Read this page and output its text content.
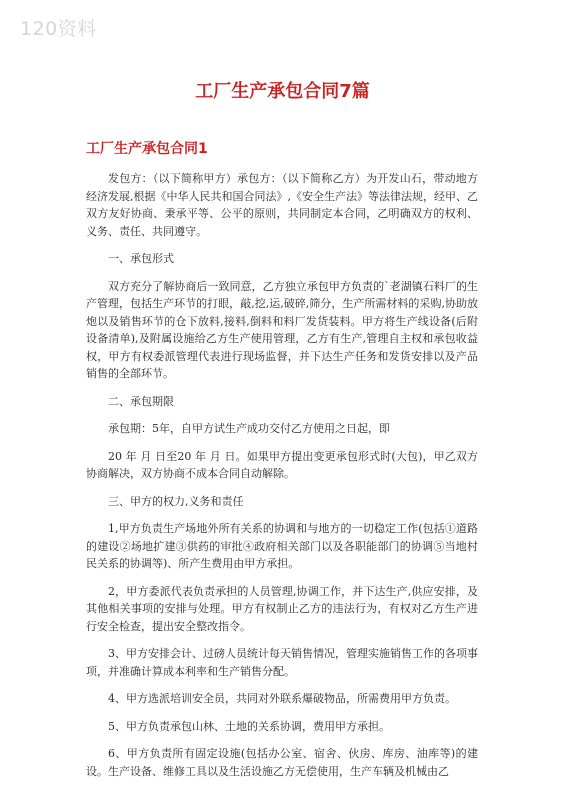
120资料
工厂生产承包合同7篇
工厂生产承包合同1

发包方：（以下简称甲方）承包方：（以下简称乙方）为开发山石，带动地方经济发展,根据《中华人民共和国合同法》,《安全生产法》等法律法规，经甲、乙双方友好协商、秉承平等、公平的原则，共同制定本合同，乙明确双方的权利、义务、责任、共同遵守。

一、承包形式

双方充分了解协商后一致同意，乙方独立承包甲方负责的`老湖镇石料厂的生产管理，包括生产环节的打眼，敲,挖,运,破碎,筛分，生产所需材料的采购,协助放炮以及销售环节的仓下放料,接料,倒料和料厂发货装料。甲方将生产线设备(后附设备清单),及附属设施给乙方生产使用管理，乙方有生产,管理自主权和承包收益权，甲方有权委派管理代表进行现场监督，并下达生产任务和发货安排以及产品销售的全部环节。

二、承包期限

承包期：5年，自甲方试生产成功交付乙方使用之日起，即

20 年 月 日至20 年 月 日。如果甲方提出变更承包形式时(大包)，甲乙双方协商解决，双方协商不成本合同自动解除。

三、甲方的权力,义务和责任

1,甲方负责生产场地外所有关系的协调和与地方的一切稳定工作(包括①道路的建设②场地扩建③供药的审批④政府相关部门以及各职能部门的协调⑤当地村民关系的协调等)、所产生费用由甲方承担。

2，甲方委派代表负责承担的人员管理,协调工作，并下达生产,供应安排，及其他相关事项的安排与处理。甲方有权制止乙方的违法行为，有权对乙方生产进行安全检查，提出安全整改指令。

3、甲方安排会计、过磅人员统计每天销售情况，管理实施销售工作的各项事项，并准确计算成本利率和生产销售分配。

4、甲方选派培训安全员，共同对外联系爆破物品，所需费用甲方负责。

5、甲方负责承包山林、土地的关系协调，费用甲方承担。

6、甲方负责所有固定设施(包括办公室、宿舍、伙房、库房、油库等)的建设。生产设备、维修工具以及生活设施乙方无偿使用，生产车辆及机械由乙
